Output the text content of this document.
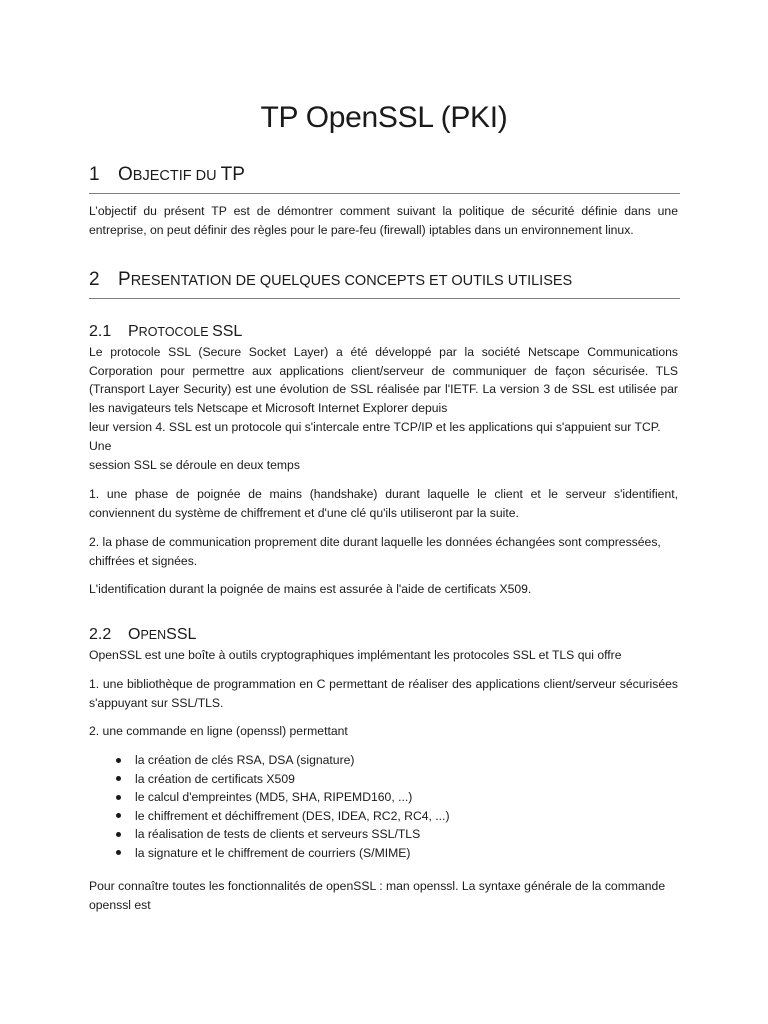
TP OpenSSL (PKI)
1 OBJECTIF DU TP

L’objectif du présent TP est de démontrer comment suivant la politique de sécurité définie dans une entreprise, on peut définir des règles pour le pare-feu (firewall) iptables dans un environnement linux.

2 PRESENTATION DE QUELQUES CONCEPTS ET OUTILS UTILISES
2.1 PROTOCOLE SSL

Le protocole SSL (Secure Socket Layer) a été développé par la société Netscape Communications Corporation pour permettre aux applications client/serveur de communiquer de façon sécurisée. TLS (Transport Layer Security) est une évolution de SSL réalisée par l'IETF. La version 3 de SSL est utilisée par les navigateurs tels Netscape et Microsoft Internet Explorer depuis

leur version 4. SSL est un protocole qui s'intercale entre TCP/IP et les applications qui s'appuient sur TCP. Une

session SSL se déroule en deux temps

1. une phase de poignée de mains (handshake) durant laquelle le client et le serveur s'identifient, conviennent du système de chiffrement et d'une clé qu'ils utiliseront par la suite.

2. la phase de communication proprement dite durant laquelle les données échangées sont compressées, chiffrées et signées.

L'identification durant la poignée de mains est assurée à l'aide de certificats X509.

2.2 OPENSSL

OpenSSL est une boîte à outils cryptographiques implémentant les protocoles SSL et TLS qui offre

1. une bibliothèque de programmation en C permettant de réaliser des applications client/serveur sécurisées s'appuyant sur SSL/TLS.

2. une commande en ligne (openssl) permettant

la création de clés RSA, DSA (signature)
la création de certificats X509
le calcul d'empreintes (MD5, SHA, RIPEMD160, ...)
le chiffrement et déchiffrement (DES, IDEA, RC2, RC4, ...)
la réalisation de tests de clients et serveurs SSL/TLS
la signature et le chiffrement de courriers (S/MIME)

Pour connaître toutes les fonctionnalités de openSSL : man openssl. La syntaxe générale de la commande openssl est
